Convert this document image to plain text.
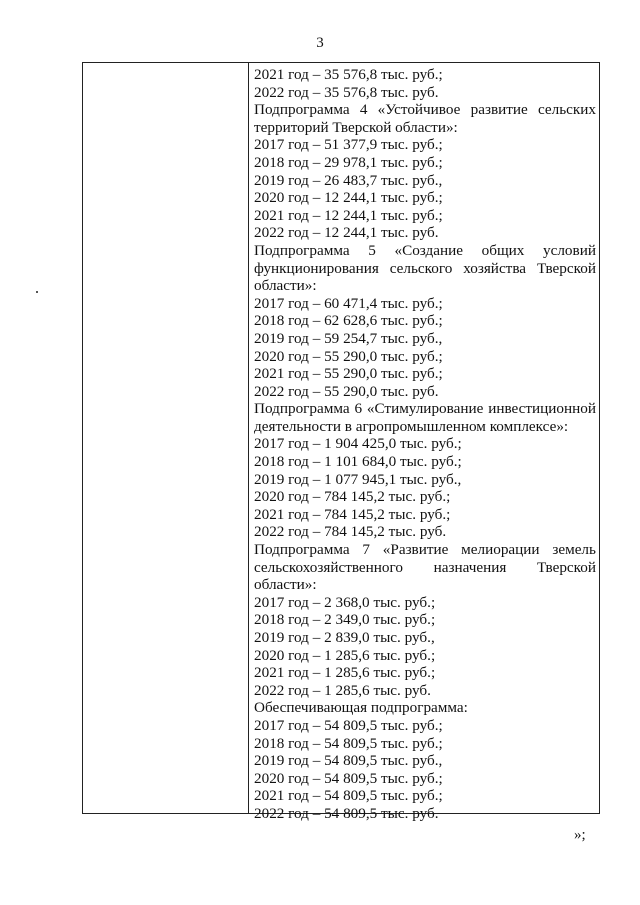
3
2021 год – 35 576,8 тыс. руб.;
2022 год – 35 576,8 тыс. руб.
Подпрограмма 4 «Устойчивое развитие сельских
территорий Тверской области»:
2017 год – 51 377,9 тыс. руб.;
2018 год – 29 978,1 тыс. руб.;
2019 год – 26 483,7 тыс. руб.,
2020 год – 12 244,1 тыс. руб.;
2021 год – 12 244,1 тыс. руб.;
2022 год – 12 244,1 тыс. руб.
Подпрограмма 5 «Создание общих условий
функционирования сельского хозяйства Тверской
области»:
2017 год – 60 471,4 тыс. руб.;
2018 год – 62 628,6 тыс. руб.;
2019 год – 59 254,7 тыс. руб.,
2020 год – 55 290,0 тыс. руб.;
2021 год – 55 290,0 тыс. руб.;
2022 год – 55 290,0 тыс. руб.
Подпрограмма 6 «Стимулирование инвестиционной
деятельности в агропромышленном комплексе»:
2017 год – 1 904 425,0 тыс. руб.;
2018 год – 1 101 684,0 тыс. руб.;
2019 год – 1 077 945,1 тыс. руб.,
2020 год – 784 145,2 тыс. руб.;
2021 год – 784 145,2 тыс. руб.;
2022 год – 784 145,2 тыс. руб.
Подпрограмма 7 «Развитие мелиорации земель
сельскохозяйственного назначения Тверской
области»:
2017 год – 2 368,0 тыс. руб.;
2018 год – 2 349,0 тыс. руб.;
2019 год – 2 839,0 тыс. руб.,
2020 год – 1 285,6 тыс. руб.;
2021 год – 1 285,6 тыс. руб.;
2022 год – 1 285,6 тыс. руб.
Обеспечивающая подпрограмма:
2017 год – 54 809,5 тыс. руб.;
2018 год – 54 809,5 тыс. руб.;
2019 год – 54 809,5 тыс. руб.,
2020 год – 54 809,5 тыс. руб.;
2021 год – 54 809,5 тыс. руб.;
2022 год – 54 809,5 тыс. руб.
»;
